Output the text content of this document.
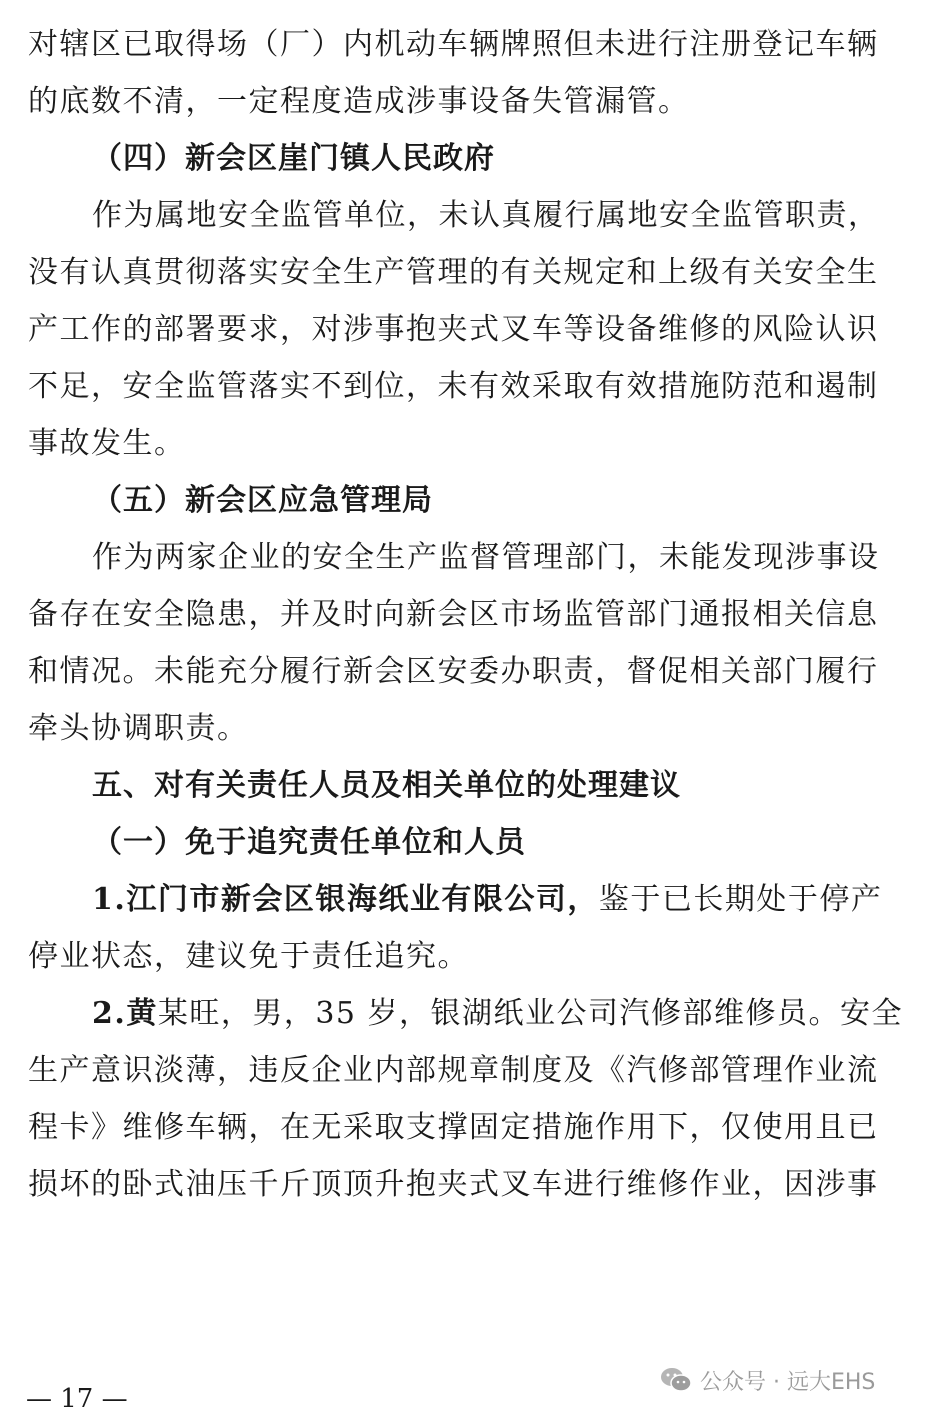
对辖区已取得场（厂）内机动车辆牌照但未进行注册登记车辆
的底数不清，一定程度造成涉事设备失管漏管。
（四）新会区崖门镇人民政府
作为属地安全监管单位，未认真履行属地安全监管职责，
没有认真贯彻落实安全生产管理的有关规定和上级有关安全生
产工作的部署要求，对涉事抱夹式叉车等设备维修的风险认识
不足，安全监管落实不到位，未有效采取有效措施防范和遏制
事故发生。
（五）新会区应急管理局
作为两家企业的安全生产监督管理部门，未能发现涉事设
备存在安全隐患，并及时向新会区市场监管部门通报相关信息
和情况。未能充分履行新会区安委办职责，督促相关部门履行
牵头协调职责。
五、对有关责任人员及相关单位的处理建议
（一）免于追究责任单位和人员
1.江门市新会区银海纸业有限公司，鉴于已长期处于停产
停业状态，建议免于责任追究。
2.黄某旺，男，35 岁，银湖纸业公司汽修部维修员。安全
生产意识淡薄，违反企业内部规章制度及《汽修部管理作业流
程卡》维修车辆，在无采取支撑固定措施作用下，仅使用且已
损坏的卧式油压千斤顶顶升抱夹式叉车进行维修作业，因涉事
— 17 —
公众号 · 远大EHS
